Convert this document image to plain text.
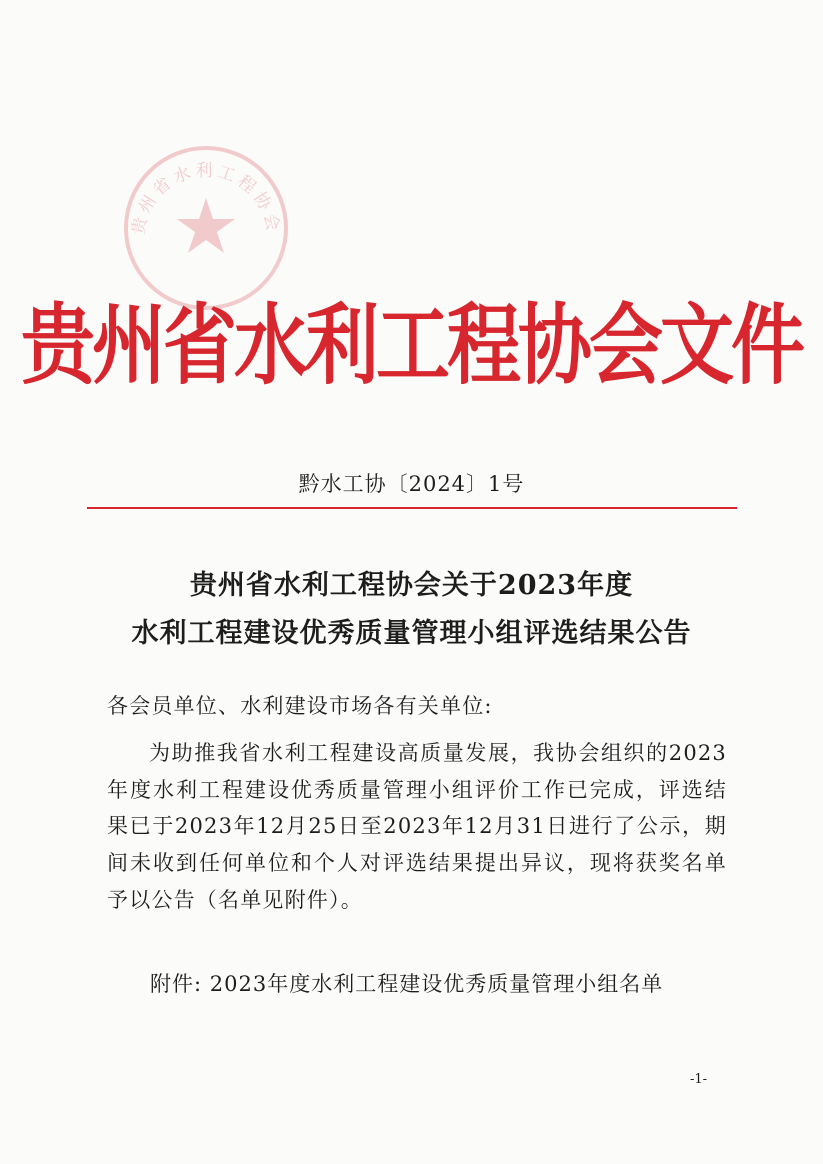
贵州省水利工程协会
贵州省水利工程协会文件
黔水工协〔2024〕1号
贵州省水利工程协会关于2023年度
水利工程建设优秀质量管理小组评选结果公告
各会员单位、水利建设市场各有关单位:
为助推我省水利工程建设高质量发展，我协会组织的2023年度水利工程建设优秀质量管理小组评价工作已完成，评选结果已于2023年12月25日至2023年12月31日进行了公示，期间未收到任何单位和个人对评选结果提出异议，现将获奖名单予以公告（名单见附件）。
附件: 2023年度水利工程建设优秀质量管理小组名单
-1-
